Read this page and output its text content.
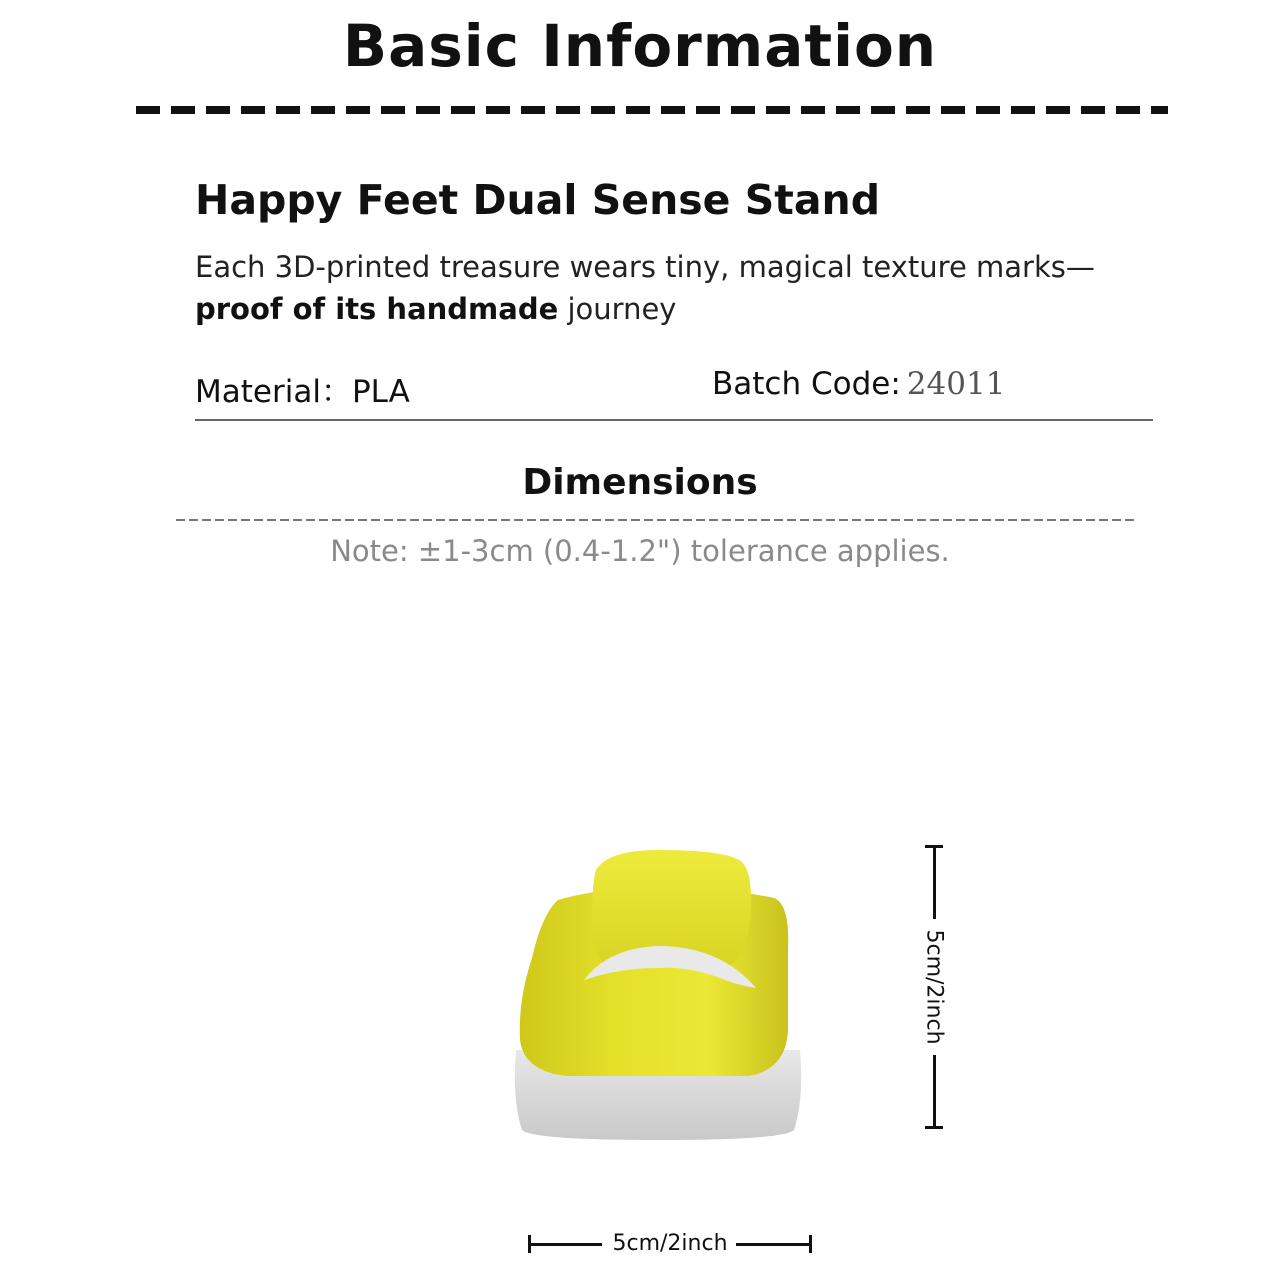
Basic Information
Happy Feet Dual Sense Stand
Each 3D-printed treasure wears tiny, magical texture marks—
proof of its handmade journey
Material：PLA	Batch Code: 24011
Dimensions
Note: ±1-3cm (0.4-1.2") tolerance applies.
5cm/2inch
5cm/2inch
